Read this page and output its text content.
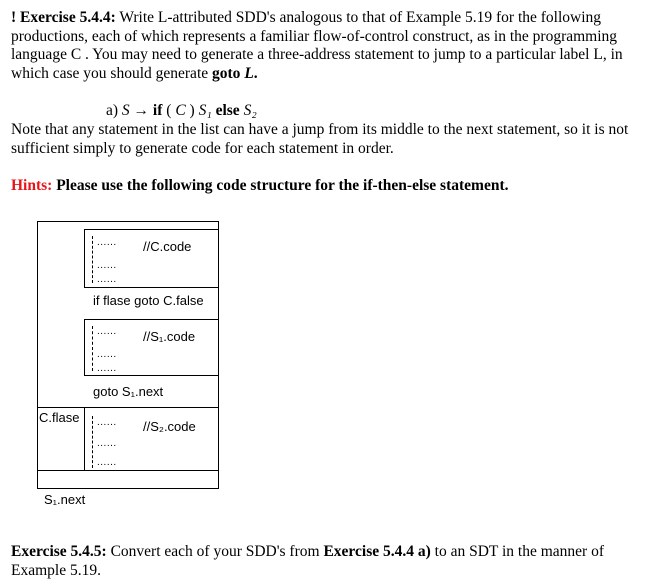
! Exercise 5.4.4: Write L-attributed SDD's analogous to that of Example 5.19 for the following productions, each of which represents a familiar flow-of-control construct, as in the programming language C . You may need to generate a three-address statement to jump to a particular label L, in which case you should generate goto L.
a) S → if ( C ) S₁ else S₂
Note that any statement in the list can have a jump from its middle to the next statement, so it is not sufficient simply to generate code for each statement in order.
Hints: Please use the following code structure for the if-then-else statement.
...... //C.code
......
......
if flase goto C.false
...... //S₁.code
......
......
goto S₁.next
C.flase ...... //S₂.code
......
......
S₁.next
Exercise 5.4.5: Convert each of your SDD's from Exercise 5.4.4 a) to an SDT in the manner of Example 5.19.
